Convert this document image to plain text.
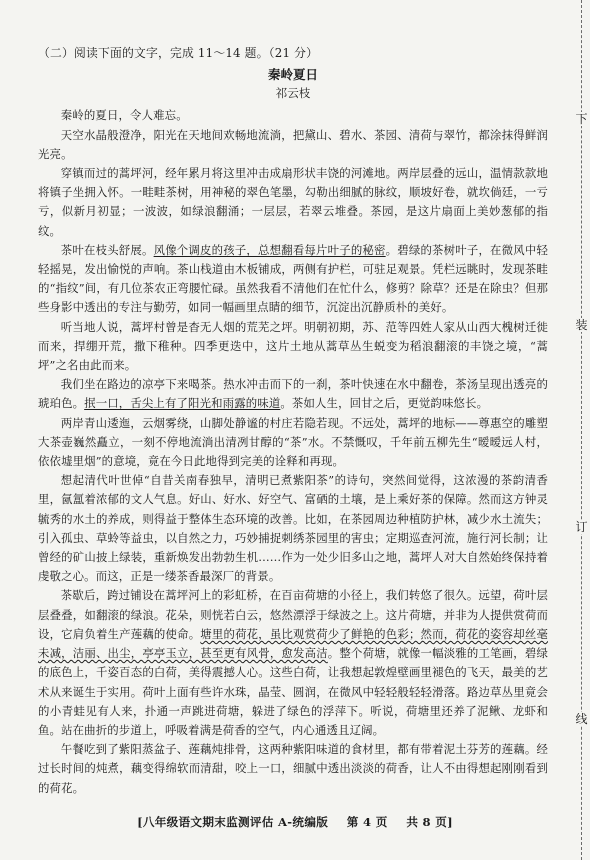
（二）阅读下面的文字，完成 11～14 题。（21 分）

秦岭夏日

祁云枝

秦岭的夏日，令人难忘。

天空水晶般澄净，阳光在天地间欢畅地流淌，把黛山、碧水、茶园、清荷与翠竹，都涂抹得鲜润光亮。

穿镇而过的蒿坪河，经年累月将这里冲击成扇形状丰饶的河滩地。两岸层叠的远山，温情款款地将镇子坐拥入怀。一畦畦茶树，用神秘的翠色笔墨，勾勒出细腻的脉纹，顺坡好卷，就坎倘廷，一亏亏，似新月初显；一波波，如绿浪翻涌；一层层，若翠云堆叠。茶园，是这片扇面上美妙葱郁的指纹。

茶叶在枝头舒展。风像个调皮的孩子，总想翻看每片叶子的秘密。碧绿的茶树叶子，在微风中轻轻摇晃，发出愉悦的声响。茶山栈道由木板铺成，两侧有护栏，可驻足观景。凭栏远眺时，发现茶畦的“指纹”间，有几位茶农正弯腰忙碌。虽然我看不清他们在忙什么，修剪？除草？还是在除虫？但那些身影中透出的专注与勤劳，如同一幅画里点睛的细节，沉淀出沉静质朴的美好。

听当地人说，蒿坪村曾是杳无人烟的荒芜之坪。明朝初期，苏、范等四姓人家从山西大槐树迁徙而来，捍绷开荒，撒下稚种。四季更迭中，这片土地从蒿草丛生蜕变为稻浪翻滚的丰饶之境，“蒿坪”之名由此而来。

我们坐在路边的凉亭下来喝茶。热水冲击而下的一刹，茶叶快速在水中翻卷，茶汤呈现出透亮的琥珀色。抿一口，舌尖上有了阳光和雨露的味道。茶如人生，回甘之后，更觉韵味悠长。

两岸青山逶迤，云烟雾绕，山脚处静谧的村庄若隐若现。不远处，蒿坪的地标——尊惠空的雕塑大茶壶巍然矗立，一刻不停地流淌出清冽甘醇的“茶”水。不禁慨叹，千年前五柳先生“暧暧远人村，依依墟里烟”的意境，竟在今日此地得到完美的诠释和再现。

想起清代叶世倬“自昔关南春独早，清明已煮紫阳茶”的诗句，突然间觉得，这浓漫的茶韵清香里，氤氲着浓郁的文人气息。好山、好水、好空气、富硒的土壤，是上乘好茶的保障。然而这方钟灵毓秀的水土的养成，则得益于整体生态环境的改善。比如，在茶园周边种植防护林，减少水土流失；引入孤虫、草蛉等益虫，以自然之力，巧妙捕捉刺绣茶园里的害虫；定期巡查河流，施行河长制；让曾经的矿山披上绿装，重新焕发出勃勃生机……作为一处少旧多山之地，蒿坪人对大自然始终保持着虔敬之心。而这，正是一缕茶香最深厂的背景。

茶歇后，跨过铺设在蒿坪河上的彩虹桥，在百亩荷塘的小径上，我们转悠了很久。远望，荷叶层层叠叠，如翻滚的绿浪。花朵，则恍若白云，悠然漂浮于绿波之上。这片荷塘，并非为人提供赏荷而设，它肩负着生产莲藕的使命。塘里的荷花，虽比观赏荷少了鲜艳的色彩；然而，荷花的姿容却丝毫未减，洁丽、出尘，亭亭玉立，甚至更有风骨，愈发高洁。整个荷塘，就像一幅淡雅的工笔画，碧绿的底色上，千姿百态的白荷，美得震撼人心。这些白荷，让我想起敦煌壁画里褪色的飞天，最美的艺术从来诞生于实用。荷叶上面有些许水珠，晶莹、圆润，在微风中轻轻般轻轻滑落。路边草丛里竟会的小青蛙见有人来，扑通一声跳进荷塘，躲进了绿色的浮萍下。听说，荷塘里还养了泥鳅、龙虾和鱼。站在曲折的步道上，呼吸着满是荷香的空气，内心通透且辽阔。

午餐吃到了紫阳蒸盆子、莲藕炖排骨，这两种紫阳味道的食材里，都有带着泥土芬芳的莲藕。经过长时间的炖煮，藕变得绵软而清甜，咬上一口，细腻中透出淡淡的荷香，让人不由得想起刚刚看到的荷花。

[八年级语文期末监测评估 A-统编版 第 4 页 共 8 页]
下
装
订
线
